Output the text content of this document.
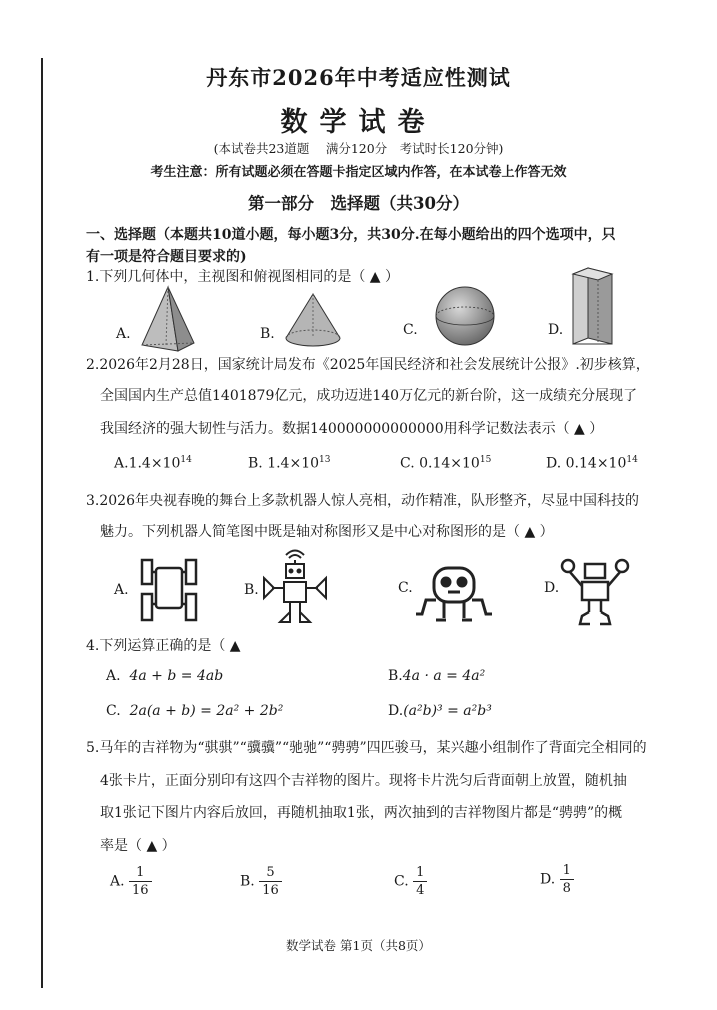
丹东市2026年中考适应性测试
数学试卷
(本试卷共23道题　 满分120分　考试时长120分钟)
考生注意：所有试题必须在答题卡指定区域内作答，在本试卷上作答无效
第一部分　选择题（共30分）
一、选择题（本题共10道小题，每小题3分，共30分.在每小题给出的四个选项中，只
有一项是符合题目要求的)
1.下列几何体中，主视图和俯视图相同的是（ ▲ ）
A.	B.	C.	D.
2.2026年2月28日，国家统计局发布《2025年国民经济和社会发展统计公报》.初步核算，
全国国内生产总值1401879亿元，成功迈进140万亿元的新台阶，这一成绩充分展现了
我国经济的强大韧性与活力。数据140000000000000用科学记数法表示（ ▲ ）
$A.1.4\times 10^{14}$	B. $1.4\times 10^{13}$	C. $0.14\times 10^{15}$	D. $0.14\times 10^{14}$
3.2026年央视春晚的舞台上多款机器人惊人亮相，动作精准，队形整齐，尽显中国科技的
魅力。下列机器人简笔图中既是轴对称图形又是中心对称图形的是（ ▲ ）
A.	B.	C.	D.
4.下列运算正确的是（ ▲
A. 4a + b = 4ab	B.4a · a = 4a²
C. 2a(a + b) = 2a² + 2b²	D.(a²b)³ = a²b³
5.马年的吉祥物为“骐骐”“骥骥”“驰驰”“骋骋”四匹骏马，某兴趣小组制作了背面完全相同的
4张卡片，正面分别印有这四个吉祥物的图片。现将卡片洗匀后背面朝上放置，随机抽
取1张记下图片内容后放回，再随机抽取1张，两次抽到的吉祥物图片都是“骋骋”的概
率是（ ▲ ）
A. $\frac{1}{16}$	B. $\frac{5}{16}$	C. $\frac{1}{4}$	D. $\frac{1}{8}$
数学试卷 第1页（共8页）
